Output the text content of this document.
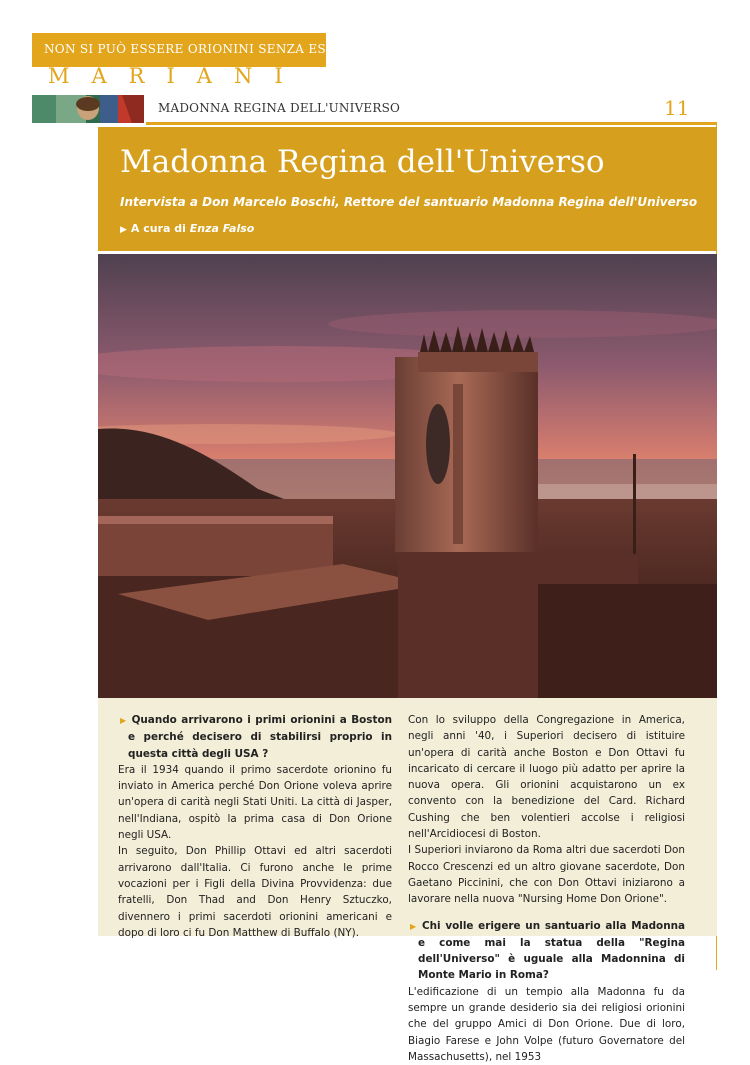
NON SI PUÒ ESSERE ORIONINI SENZA ESSERE
MARIANI
MADONNA REGINA DELL'UNIVERSO	11
Madonna Regina dell'Universo
Intervista a Don Marcelo Boschi, Rettore del santuario Madonna Regina dell'Universo
▶ A cura di Enza Falso

▶ Quando arrivarono i primi orionini a Boston e perché decisero di stabilirsi proprio in questa città degli USA ?

Era il 1934 quando il primo sacerdote orionino fu inviato in America perché Don Orione voleva aprire un'opera di carità negli Stati Uniti. La città di Jasper, nell'Indiana, ospitò la prima casa di Don Orione negli USA.

In seguito, Don Phillip Ottavi ed altri sacerdoti arrivarono dall'Italia. Ci furono anche le prime vocazioni per i Figli della Divina Provvidenza: due fratelli, Don Thad and Don Henry Sztuczko, divennero i primi sacerdoti orionini americani e dopo di loro ci fu Don Matthew di Buffalo (NY).

Con lo sviluppo della Congregazione in America, negli anni '40, i Superiori decisero di istituire un'opera di carità anche Boston e Don Ottavi fu incaricato di cercare il luogo più adatto per aprire la nuova opera. Gli orionini acquistarono un ex convento con la benedizione del Card. Richard Cushing che ben volentieri accolse i religiosi nell'Arcidiocesi di Boston.

I Superiori inviarono da Roma altri due sacerdoti Don Rocco Crescenzi ed un altro giovane sacerdote, Don Gaetano Piccinini, che con Don Ottavi iniziarono a lavorare nella nuova "Nursing Home Don Orione".

▶ Chi volle erigere un santuario alla Madonna e come mai la statua della "Regina dell'Universo" è uguale alla Madonnina di Monte Mario in Roma?

L'edificazione di un tempio alla Madonna fu da sempre un grande desiderio sia dei religiosi orionini che del gruppo Amici di Don Orione. Due di loro, Biagio Farese e John Volpe (futuro Governatore del Massachusetts), nel 1953
